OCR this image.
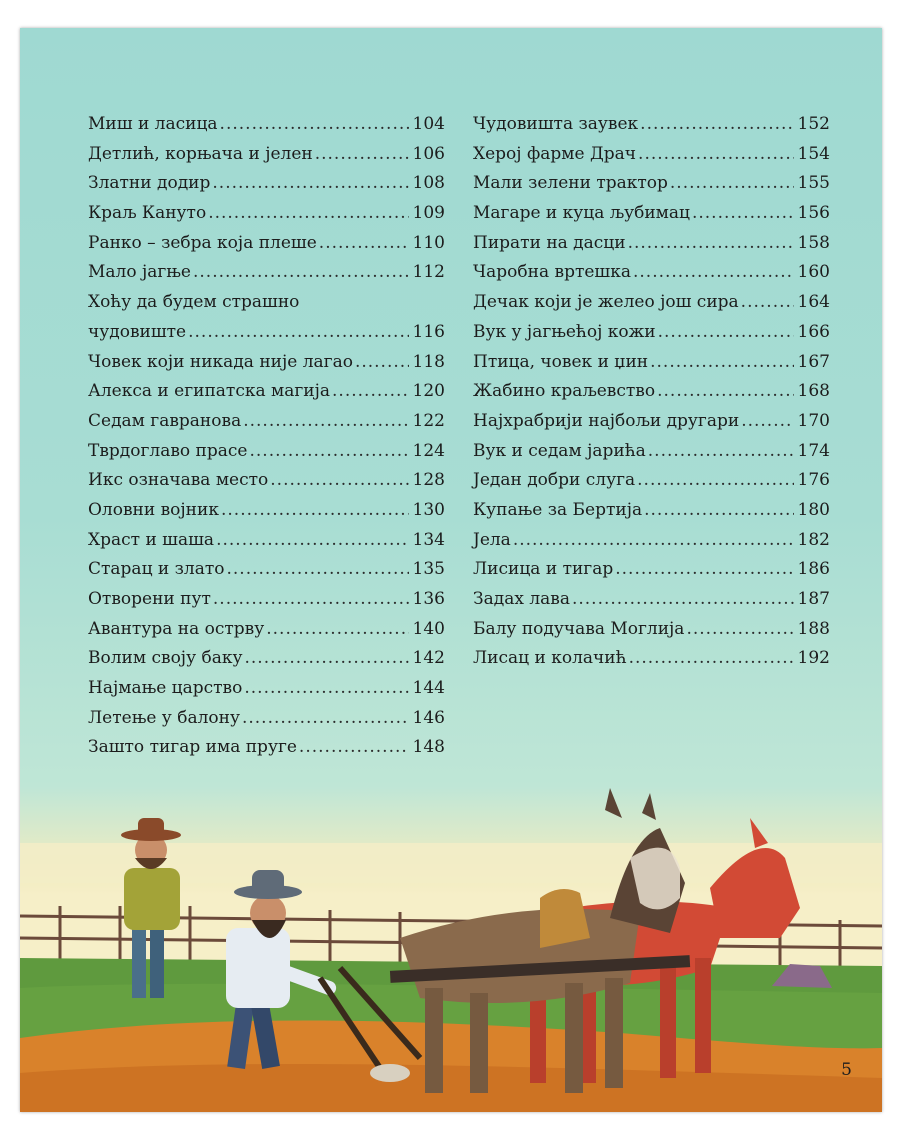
Миш и ласица .....	104
Детлић, корњача и јелен .....	106
Златни додир .....	108
Краљ Кануто .....	109
Ранко – зебра која плеше .....	110
Мало јагње .....	112
Хоћу да будем страшно
чудовиште .....	116
Човек који никада није лагао .....	118
Алекса и египатска магија .....	120
Седам гавранова .....	122
Тврдоглаво прасе .....	124
Икс означава место .....	128
Оловни војник .....	130
Храст и шаша .....	134
Старац и злато .....	135
Отворени пут .....	136
Авантура на острву .....	140
Волим своју баку .....	142
Најмање царство .....	144
Летење у балону .....	146
Зашто тигар има пруге .....	148
Чудовишта заувек .....	152
Херој фарме Драч .....	154
Мали зелени трактор .....	155
Магаре и куца љубимац .....	156
Пирати на дасци .....	158
Чаробна вртешка .....	160
Дечак који је желео још сира .....	164
Вук у јагњећој кожи .....	166
Птица, човек и џин .....	167
Жабино краљевство .....	168
Најхрабрији најбољи другари .....	170
Вук и седам јарића .....	174
Један добри слуга .....	176
Купање за Бертија .....	180
Јела .....	182
Лисица и тигар .....	186
Задах лава .....	187
Балу подучава Моглија .....	188
Лисац и колачић .....	192
5
